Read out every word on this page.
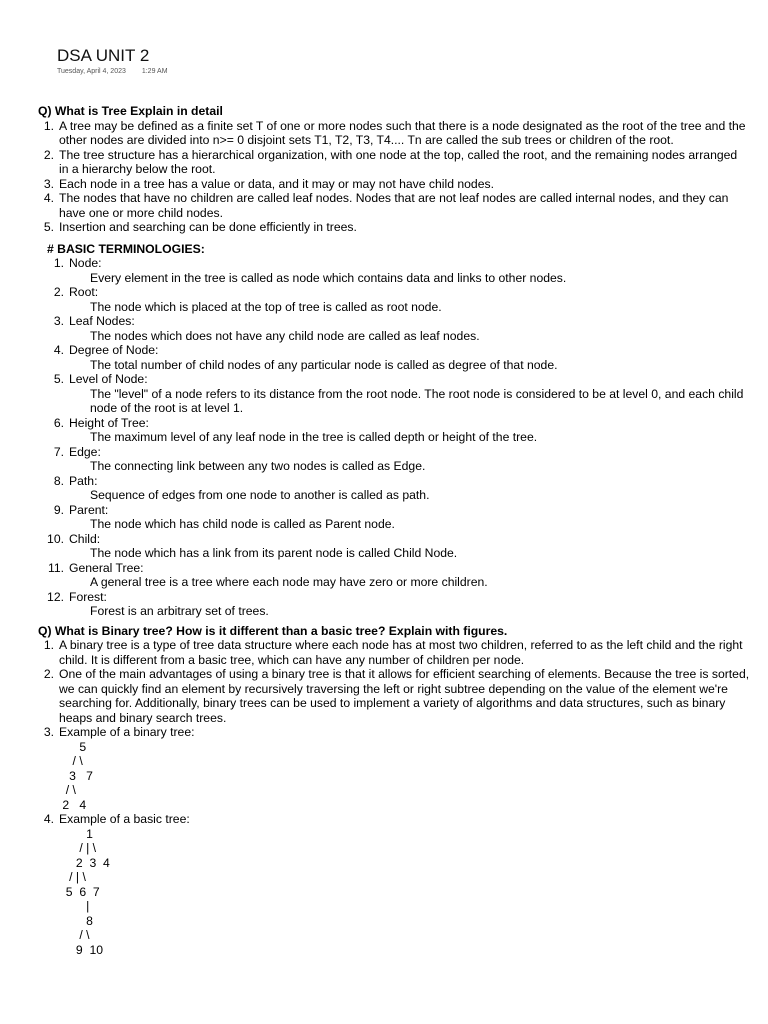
DSA UNIT 2
Tuesday, April 4, 2023 1:29 AM

Q) What is Tree Explain in detail

1. A tree may be defined as a finite set T of one or more nodes such that there is a node designated as the root of the tree and the other nodes are divided into n>= 0 disjoint sets T1, T2, T3, T4.... Tn are called the sub trees or children of the root.
2. The tree structure has a hierarchical organization, with one node at the top, called the root, and the remaining nodes arranged in a hierarchy below the root.
3. Each node in a tree has a value or data, and it may or may not have child nodes.
4. The nodes that have no children are called leaf nodes. Nodes that are not leaf nodes are called internal nodes, and they can have one or more child nodes.
5. Insertion and searching can be done efficiently in trees.

# BASIC TERMINOLOGIES:

1. Node:
Every element in the tree is called as node which contains data and links to other nodes.
2. Root:
The node which is placed at the top of tree is called as root node.
3. Leaf Nodes:
The nodes which does not have any child node are called as leaf nodes.
4. Degree of Node:
The total number of child nodes of any particular node is called as degree of that node.
5. Level of Node:
The "level" of a node refers to its distance from the root node. The root node is considered to be at level 0, and each child node of the root is at level 1.
6. Height of Tree:
The maximum level of any leaf node in the tree is called depth or height of the tree.
7. Edge:
The connecting link between any two nodes is called as Edge.
8. Path:
Sequence of edges from one node to another is called as path.
9. Parent:
The node which has child node is called as Parent node.
10. Child:
The node which has a link from its parent node is called Child Node.
11. General Tree:
A general tree is a tree where each node may have zero or more children.
12. Forest:
Forest is an arbitrary set of trees.

Q) What is Binary tree? How is it different than a basic tree? Explain with figures.

1. A binary tree is a type of tree data structure where each node has at most two children, referred to as the left child and the right child. It is different from a basic tree, which can have any number of children per node.
2. One of the main advantages of using a binary tree is that it allows for efficient searching of elements. Because the tree is sorted, we can quickly find an element by recursively traversing the left or right subtree depending on the value of the element we're searching for. Additionally, binary trees can be used to implement a variety of algorithms and data structures, such as binary heaps and binary search trees.
3. Example of a binary tree:
5
/ \
3   7
/ \
2   4
4. Example of a basic tree:
1
/ | \
2  3  4
/ | \
5  6  7
|
8
/ \
9  10
